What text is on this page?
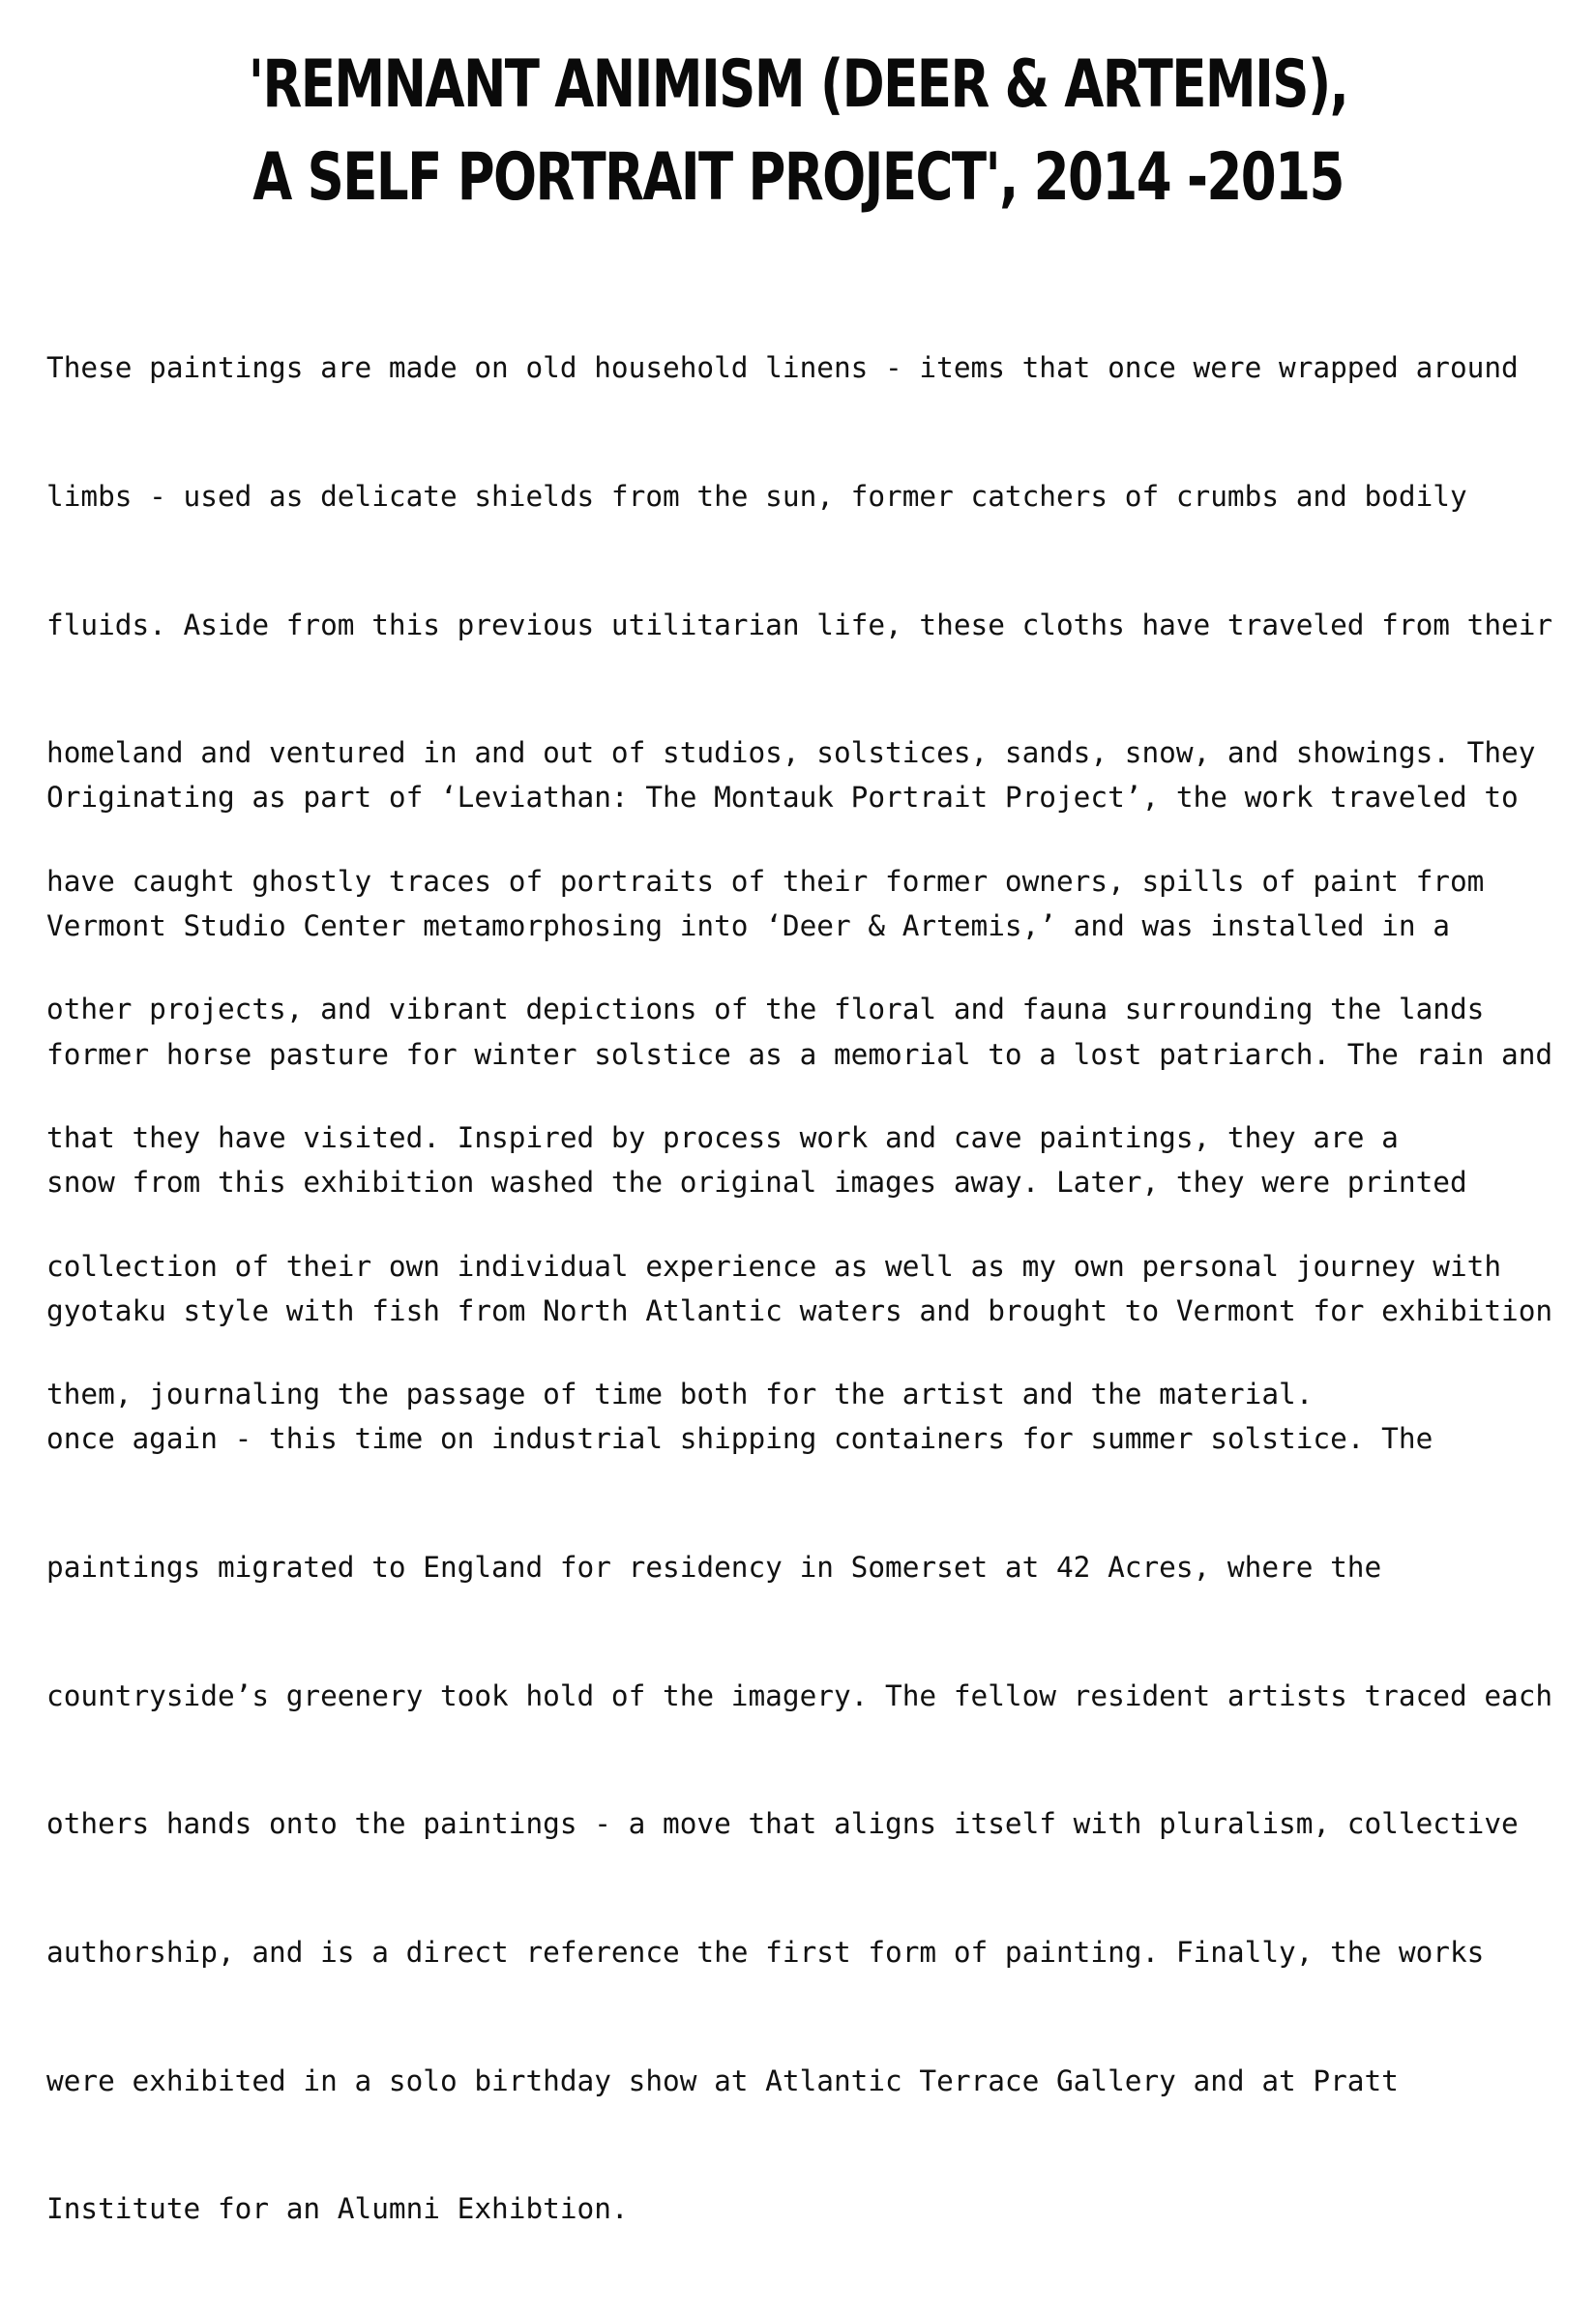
'REMNANT ANIMISM (DEER & ARTEMIS),
A SELF PORTRAIT PROJECT', 2014 -2015

These paintings are made on old household linens - items that once were wrapped around

limbs - used as delicate shields from the sun, former catchers of crumbs and bodily

fluids. Aside from this previous utilitarian life, these cloths have traveled from their

homeland and ventured in and out of studios, solstices, sands, snow, and showings. They

have caught ghostly traces of portraits of their former owners, spills of paint from

other projects, and vibrant depictions of the floral and fauna surrounding the lands

that they have visited. Inspired by process work and cave paintings, they are a

collection of their own individual experience as well as my own personal journey with

them, journaling the passage of time both for the artist and the material.

Originating as part of ‘Leviathan: The Montauk Portrait Project’, the work traveled to

Vermont Studio Center metamorphosing into ‘Deer & Artemis,’ and was installed in a

former horse pasture for winter solstice as a memorial to a lost patriarch. The rain and

snow from this exhibition washed the original images away. Later, they were printed

gyotaku style with fish from North Atlantic waters and brought to Vermont for exhibition

once again - this time on industrial shipping containers for summer solstice. The

paintings migrated to England for residency in Somerset at 42 Acres, where the

countryside’s greenery took hold of the imagery. The fellow resident artists traced each

others hands onto the paintings - a move that aligns itself with pluralism, collective

authorship, and is a direct reference the first form of painting. Finally, the works

were exhibited in a solo birthday show at Atlantic Terrace Gallery and at Pratt

Institute for an Alumni Exhibtion.
